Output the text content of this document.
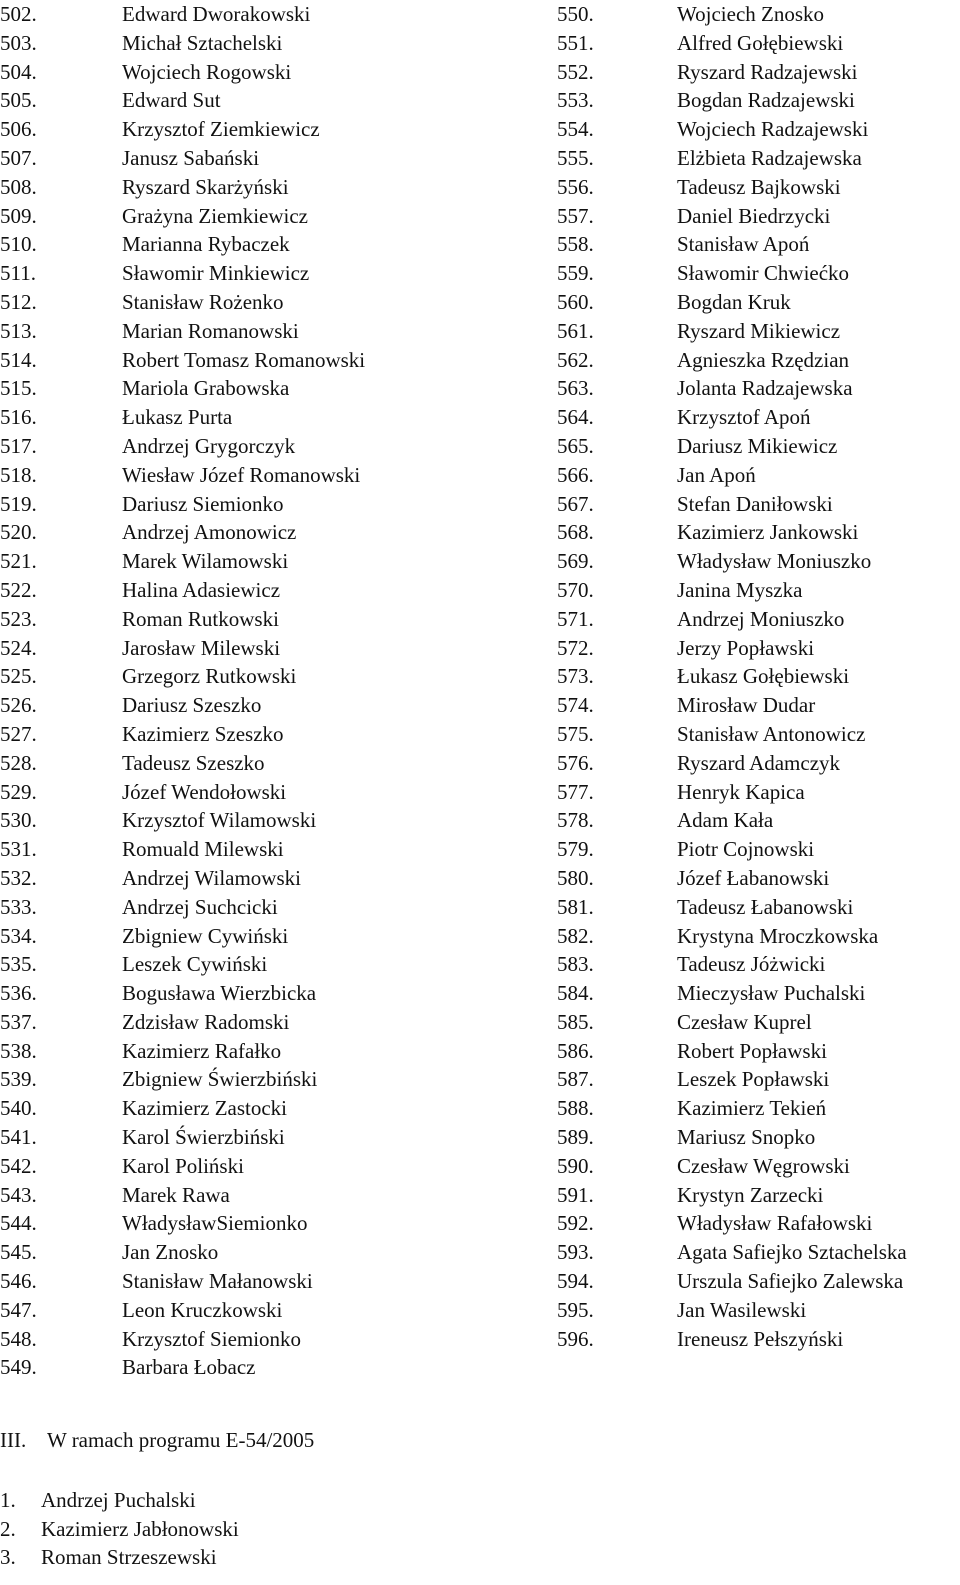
502.	Edward Dworakowski
503.	Michał Sztachelski
504.	Wojciech Rogowski
505.	Edward Sut
506.	Krzysztof Ziemkiewicz
507.	Janusz Sabański
508.	Ryszard Skarżyński
509.	Grażyna Ziemkiewicz
510.	Marianna Rybaczek
511.	Sławomir Minkiewicz
512.	Stanisław Rożenko
513.	Marian Romanowski
514.	Robert Tomasz Romanowski
515.	Mariola Grabowska
516.	Łukasz Purta
517.	Andrzej Grygorczyk
518.	Wiesław Józef Romanowski
519.	Dariusz Siemionko
520.	Andrzej Amonowicz
521.	Marek Wilamowski
522.	Halina Adasiewicz
523.	Roman Rutkowski
524.	Jarosław Milewski
525.	Grzegorz Rutkowski
526.	Dariusz Szeszko
527.	Kazimierz Szeszko
528.	Tadeusz Szeszko
529.	Józef Wendołowski
530.	Krzysztof Wilamowski
531.	Romuald Milewski
532.	Andrzej Wilamowski
533.	Andrzej Suchcicki
534.	Zbigniew Cywiński
535.	Leszek Cywiński
536.	Bogusława Wierzbicka
537.	Zdzisław Radomski
538.	Kazimierz Rafałko
539.	Zbigniew Świerzbiński
540.	Kazimierz Zastocki
541.	Karol Świerzbiński
542.	Karol Poliński
543.	Marek Rawa
544.	WładysławSiemionko
545.	Jan Znosko
546.	Stanisław Małanowski
547.	Leon Kruczkowski
548.	Krzysztof Siemionko
549.	Barbara Łobacz
550.	Wojciech Znosko
551.	Alfred Gołębiewski
552.	Ryszard Radzajewski
553.	Bogdan Radzajewski
554.	Wojciech Radzajewski
555.	Elżbieta Radzajewska
556.	Tadeusz Bajkowski
557.	Daniel Biedrzycki
558.	Stanisław Apoń
559.	Sławomir Chwiećko
560.	Bogdan Kruk
561.	Ryszard Mikiewicz
562.	Agnieszka Rzędzian
563.	Jolanta Radzajewska
564.	Krzysztof Apoń
565.	Dariusz Mikiewicz
566.	Jan Apoń
567.	Stefan Daniłowski
568.	Kazimierz Jankowski
569.	Władysław Moniuszko
570.	Janina Myszka
571.	Andrzej Moniuszko
572.	Jerzy Popławski
573.	Łukasz Gołębiewski
574.	Mirosław Dudar
575.	Stanisław Antonowicz
576.	Ryszard Adamczyk
577.	Henryk Kapica
578.	Adam Kała
579.	Piotr Cojnowski
580.	Józef Łabanowski
581.	Tadeusz Łabanowski
582.	Krystyna Mroczkowska
583.	Tadeusz Jóżwicki
584.	Mieczysław Puchalski
585.	Czesław Kuprel
586.	Robert Popławski
587.	Leszek Popławski
588.	Kazimierz Tekień
589.	Mariusz Snopko
590.	Czesław Węgrowski
591.	Krystyn Zarzecki
592.	Władysław Rafałowski
593.	Agata Safiejko Sztachelska
594.	Urszula Safiejko Zalewska
595.	Jan Wasilewski
596.	Ireneusz Pełszyński
III. W ramach programu E-54/2005
1. Andrzej Puchalski
2. Kazimierz Jabłonowski
3. Roman Strzeszewski
